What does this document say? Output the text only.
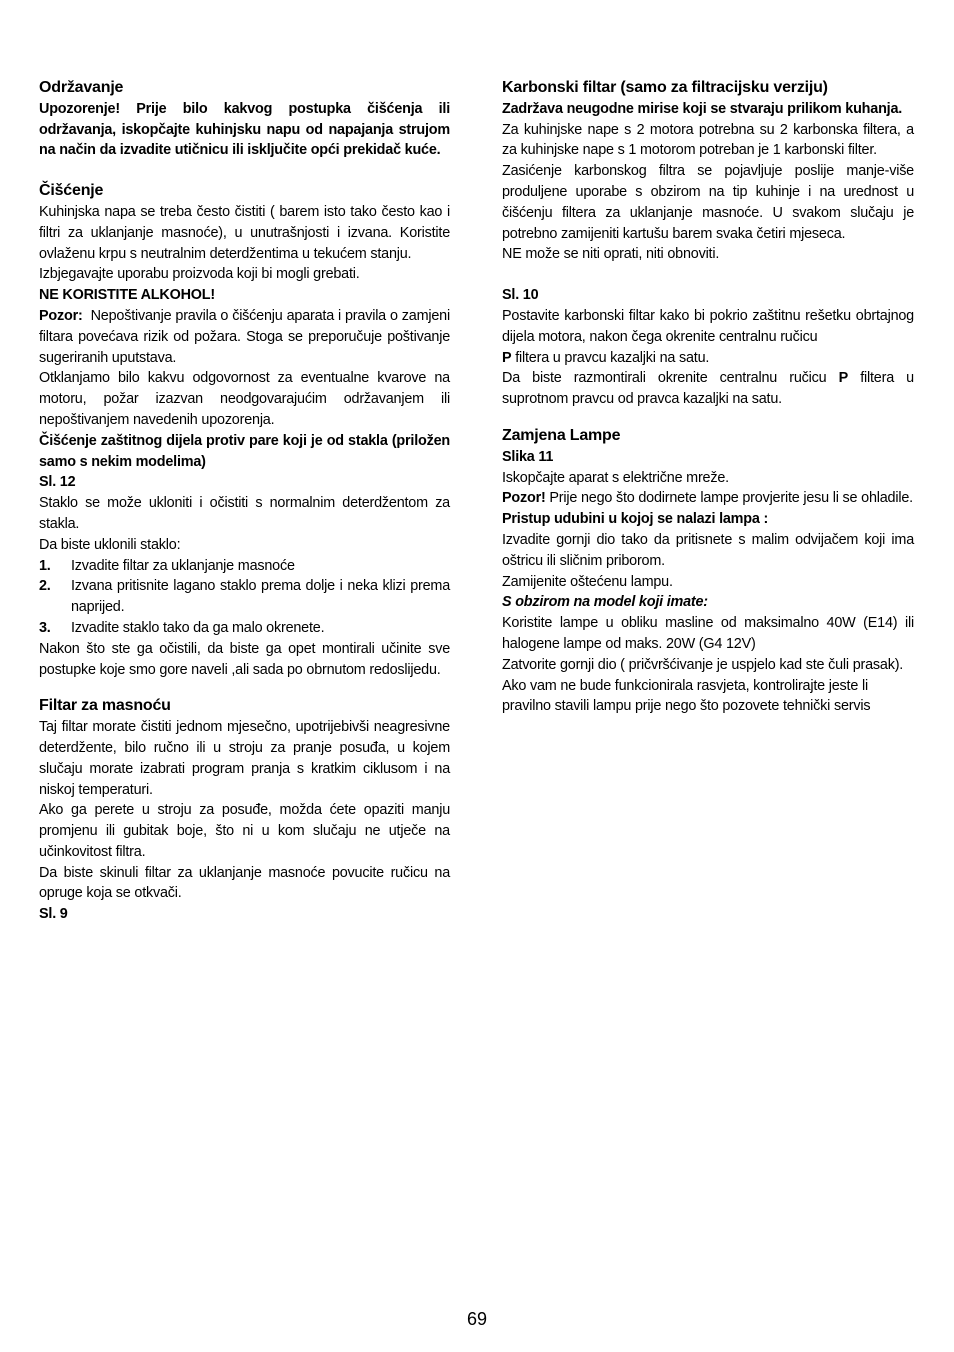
Održavanje

Upozorenje! Prije bilo kakvog postupka čišćenja ili održavanja, iskopčajte kuhinjsku napu od napajanja strujom na način da izvadite utičnicu ili isključite opći prekidač kuće.

Čišćenje

Kuhinjska napa se treba često čistiti ( barem isto tako često kao i filtri za uklanjanje masnoće), u unutrašnjosti i izvana. Koristite ovlaženu krpu s neutralnim deterdžentima u tekućem stanju.

Izbjegavajte uporabu proizvoda koji bi mogli grebati.

NE KORISTITE ALKOHOL!

Pozor: Nepoštivanje pravila o čišćenju aparata i pravila o zamjeni filtara povećava rizik od požara. Stoga se preporučuje poštivanje sugeriranih uputstava.

Otklanjamo bilo kakvu odgovornost za eventualne kvarove na motoru, požar izazvan neodgovarajućim održavanjem ili nepoštivanjem navedenih upozorenja.

Čišćenje zaštitnog dijela protiv pare koji je od stakla (priložen samo s nekim modelima)

Sl. 12

Staklo se može ukloniti i očistiti s normalnim deterdžentom za stakla.

Da biste uklonili staklo:

1.	Izvadite filtar za uklanjanje masnoće
2.	Izvana pritisnite lagano staklo prema dolje i neka klizi prema naprijed.
3.	Izvadite staklo tako da ga malo okrenete.

Nakon što ste ga očistili, da biste ga opet montirali učinite sve postupke koje smo gore naveli ,ali sada po obrnutom redoslijedu.

Filtar za masnoću

Taj filtar morate čistiti jednom mjesečno, upotrijebivši neagresivne deterdžente, bilo ručno ili u stroju za pranje posuđa, u kojem slučaju morate izabrati program pranja s kratkim ciklusom i na niskoj temperaturi.

Ako ga perete u stroju za posuđe, možda ćete opaziti manju promjenu ili gubitak boje, što ni u kom slučaju ne utječe na učinkovitost filtra.

Da biste skinuli filtar za uklanjanje masnoće povucite ručicu na opruge koja se otkvači.

Sl. 9

Karbonski filtar (samo za filtracijsku verziju)

Zadržava neugodne mirise koji se stvaraju prilikom kuhanja.

Za kuhinjske nape s 2 motora potrebna su 2 karbonska filtera, a za kuhinjske nape s 1 motorom potreban je 1 karbonski filter.

Zasićenje karbonskog filtra se pojavljuje poslije manje-više produljene uporabe s obzirom na tip kuhinje i na urednost u čišćenju filtera za uklanjanje masnoće. U svakom slučaju je potrebno zamijeniti kartušu barem svaka četiri mjeseca.

NE može se niti oprati, niti obnoviti.

Sl. 10

Postavite karbonski filtar kako bi pokrio zaštitnu rešetku obrtajnog dijela motora, nakon čega okrenite centralnu ručicu
P filtera u pravcu kazaljki na satu.

Da biste razmontirali okrenite centralnu ručicu P filtera u suprotnom pravcu od pravca kazaljki na satu.

Zamjena Lampe

Slika 11

Iskopčajte aparat s električne mreže.

Pozor! Prije nego što dodirnete lampe provjerite jesu li se ohladile.

Pristup udubini u kojoj se nalazi lampa :

Izvadite gornji dio tako da pritisnete s malim odvijačem koji ima oštricu ili sličnim priborom.

Zamijenite oštećenu lampu.

S obzirom na model koji imate:

Koristite lampe u obliku masline od maksimalno 40W (E14) ili halogene lampe od maks. 20W (G4 12V)

Zatvorite gornji dio ( pričvršćivanje je uspjelo kad ste čuli prasak).

Ako vam ne bude funkcionirala rasvjeta, kontrolirajte jeste li pravilno stavili lampu prije nego što pozovete tehnički servis

69
